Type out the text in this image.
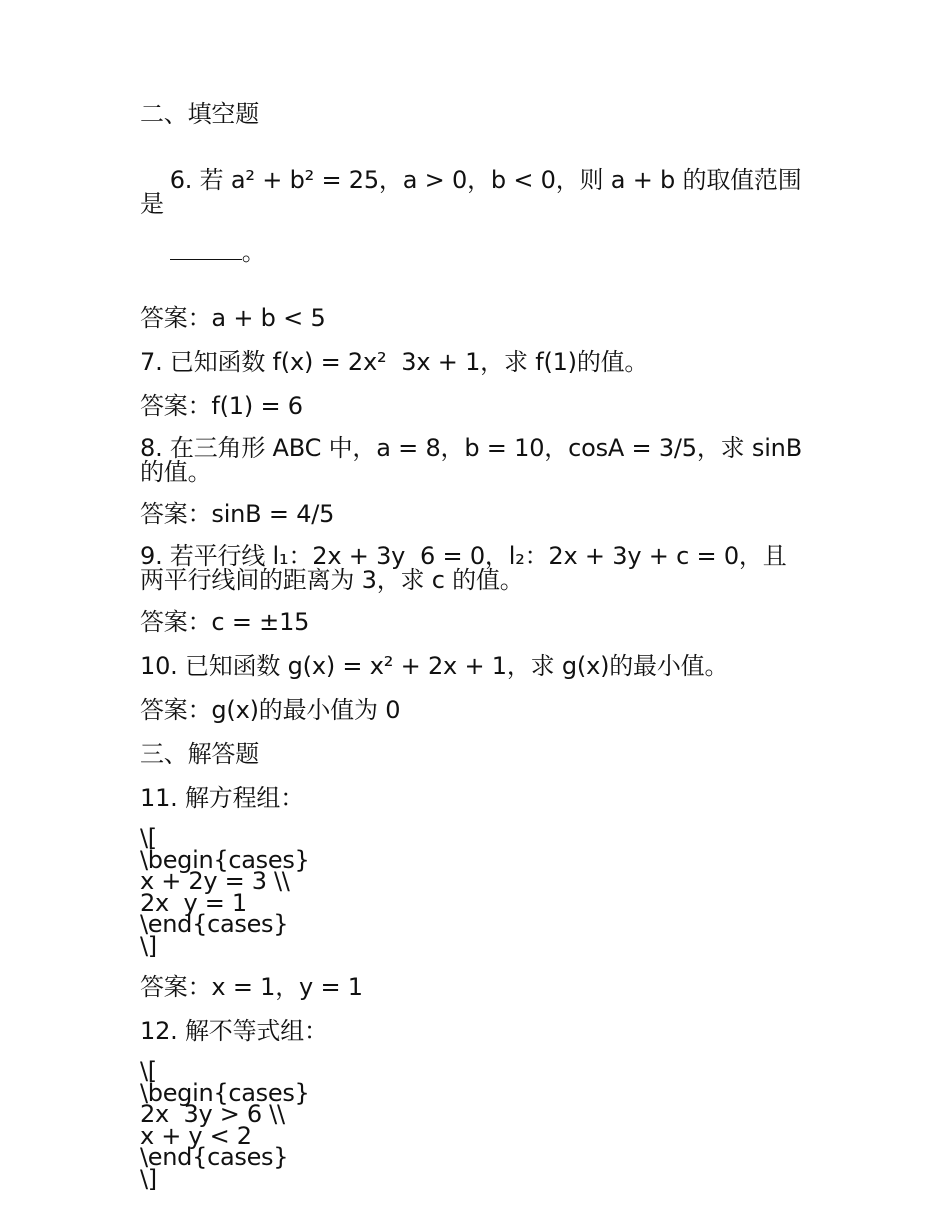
二、填空题

6. 若 a² + b² = 25，a > 0，b < 0，则 a + b 的取值范围是

。

答案：a + b < 5
7. 已知函数 f(x) = 2x²  3x + 1，求 f(1)的值。
答案：f(1) = 6
8. 在三角形 ABC 中，a = 8，b = 10，cosA = 3/5，求 sinB 的值。
答案：sinB = 4/5
9. 若平行线 l₁：2x + 3y  6 = 0，l₂：2x + 3y + c = 0，且两平行线间的距离为 3，求 c 的值。
答案：c = ±15
10. 已知函数 g(x) = x² + 2x + 1，求 g(x)的最小值。
答案：g(x)的最小值为 0
三、解答题
11. 解方程组：
\[
\begin{cases}
x + 2y = 3 \\
2x  y = 1
\end{cases}
\]
答案：x = 1，y = 1
12. 解不等式组：
\[
\begin{cases}
2x  3y > 6 \\
x + y < 2
\end{cases}
\]
